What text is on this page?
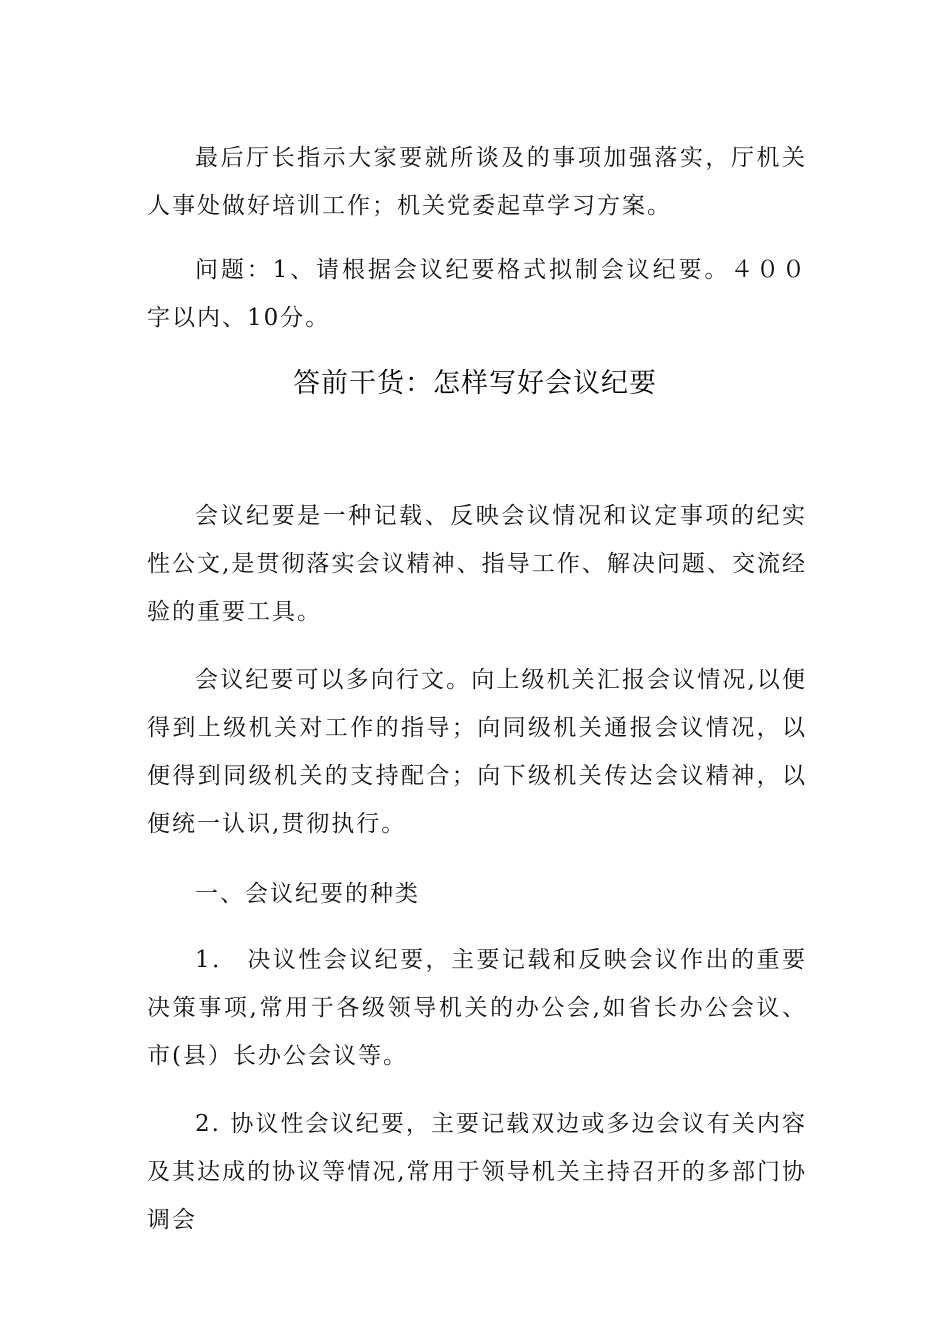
最后厅长指示大家要就所谈及的事项加强落实，厅机关人事处做好培训工作；机关党委起草学习方案。

问题：1、请根据会议纪要格式拟制会议纪要。４００字以内、10分。

答前干货：怎样写好会议纪要

会议纪要是一种记载、反映会议情况和议定事项的纪实性公文,是贯彻落实会议精神、指导工作、解决问题、交流经验的重要工具。

会议纪要可以多向行文。向上级机关汇报会议情况,以便得到上级机关对工作的指导；向同级机关通报会议情况，以便得到同级机关的支持配合；向下级机关传达会议精神，以便统一认识,贯彻执行。

一、会议纪要的种类

1． 决议性会议纪要，主要记载和反映会议作出的重要决策事项,常用于各级领导机关的办公会,如省长办公会议、市(县）长办公会议等。

2. 协议性会议纪要，主要记载双边或多边会议有关内容及其达成的协议等情况,常用于领导机关主持召开的多部门协调会
